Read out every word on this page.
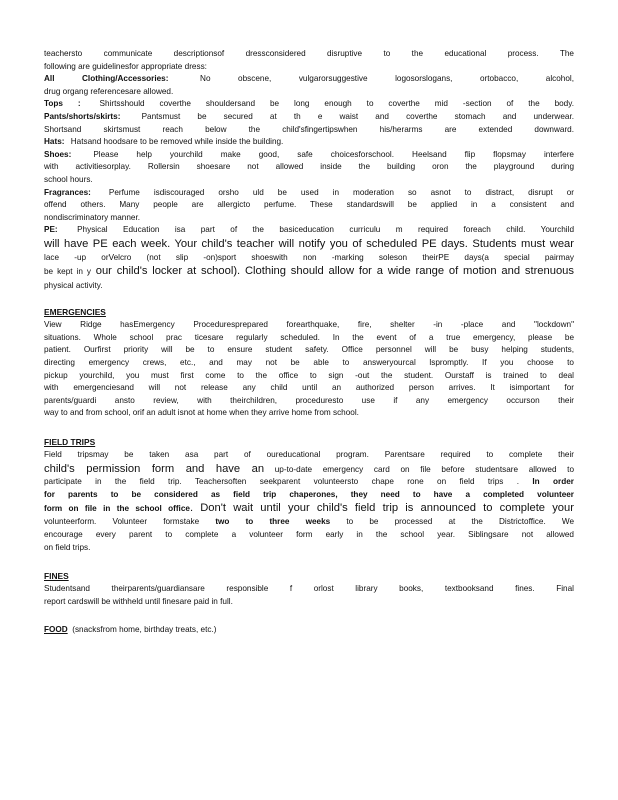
teachersto communicate descriptionsof dressconsidered disruptive to the educational process. The
following are guidelinesfor appropriate dress:
All Clothing/Accessories:	No obscene, vulgarorsuggestive logosorslogans, ortobacco, alcohol,
drug organg referencesare allowed.
Tops : Shirtsshould coverthe shouldersand be long enough to coverthe mid -section of the body.
Pants/shorts/skirts:	Pantsmust be secured at th e waist and coverthe stomach and underwear.
Shortsand skirtsmust reach below the child'sfingertipswhen his/herarms are extended downward.
Hats: Hatsand hoodsare to be removed while inside the building.
Shoes:	Please help yourchild make good, safe choicesforschool. Heelsand flip flopsmay interfere
with activitiesorplay. Rollersin shoesare not allowed inside the building oron the playground during
school hours.
Fragrances: Perfume isdiscouraged orsho uld be used in moderation so asnot to distract, disrupt or
offend others. Many people are allergicto perfume. These standardswill be applied in a consistent and
nondiscriminatory manner.
PE: Physical Education isa part of the basiceducation curriculu m required foreach child. Yourchild
will have PE each week. Your child's teacher will notify you of scheduled PE days. Students must wear
lace -up orVelcro (not slip -on)sport shoeswith non -marking soleson theirPE days(a special pairmay
be kept in y our child's locker at school). Clothing should allow for a wide range of motion and strenuous
physical activity.
EMERGENCIES
View Ridge hasEmergency Proceduresprepared forearthquake, fire, shelter -in -place and "lockdown"
situations. Whole school prac ticesare regularly scheduled. In the event of a true emergency, please be
patient. Ourfirst priority will be to ensure student safety. Office personnel will be busy helping students,
directing emergency crews, etc., and may not be able to answeryourcal lspromptly. If you choose to
pickup yourchild, you must first come to the office to sign -out the student. Ourstaff is trained to deal
with emergenciesand will not release any child until an authorized person arrives. It isimportant for
parents/guardi ansto review, with theirchildren, proceduresto use if any emergency occurson their
way to and from school, orif an adult isnot at home when they arrive home from school.
FIELD TRIPS
Field tripsmay be taken asa part of oureducational program. Parentsare required to complete their
child's permission form and have an up-to-date emergency card on file before studentsare allowed to
participate in the field trip. Teachersoften seekparent volunteersto chape rone on field trips . In order
for parents to be considered as field trip chaperones, they need to have a completed volunteer
form on file in the school office. Don't wait until your child's field trip is announced to complete your
volunteerform. Volunteer formstake two to three weeks to be processed at the Districtoffice. We
encourage every parent to complete a volunteer form early in the school year. Siblingsare not allowed
on field trips.
FINES
Studentsand theirparents/guardiansare responsible f orlost library books, textbooksand fines. Final
report cardswill be withheld until finesare paid in full.
FOOD (snacksfrom home, birthday treats, etc.)
